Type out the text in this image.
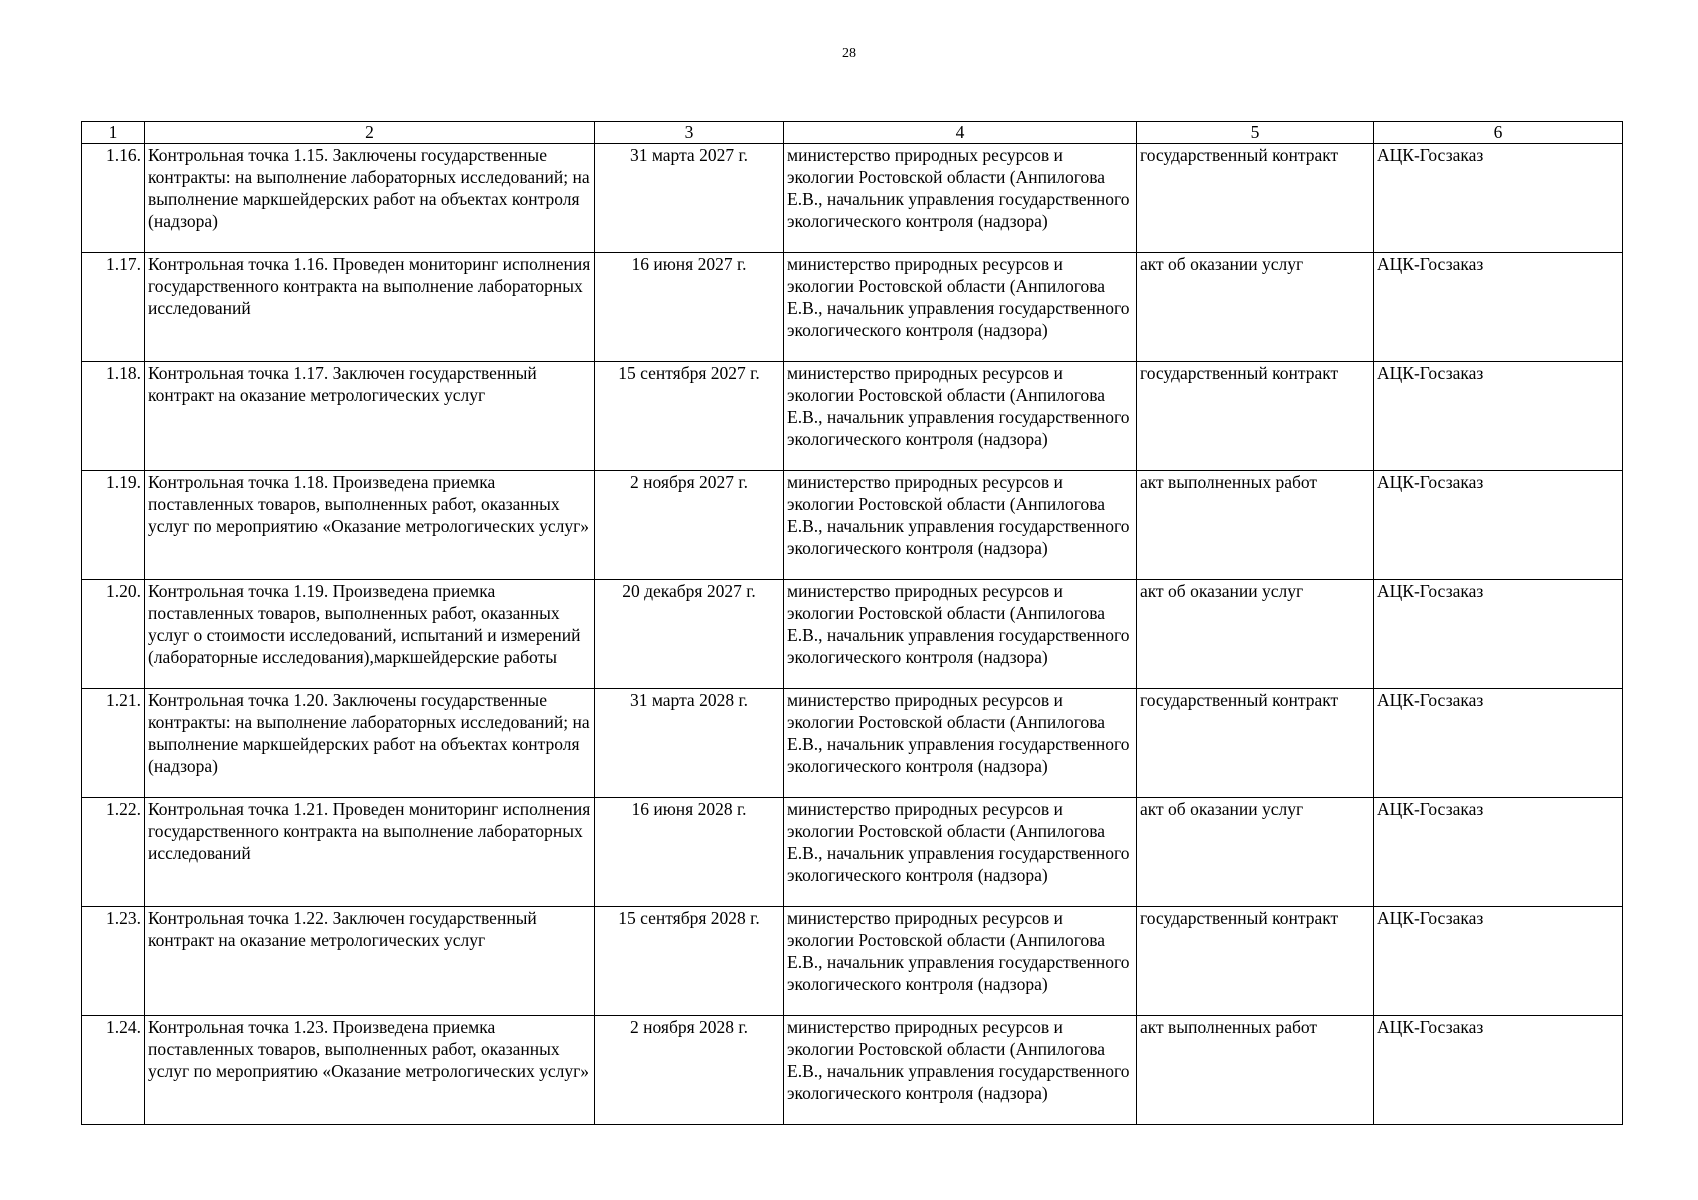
28
1	2	3	4	5	6
1.16.	Контрольная точка 1.15. Заключены государственные контракты: на выполнение лабораторных исследований; на выполнение маркшейдерских работ на объектах контроля (надзора)	31 марта 2027 г.	министерство природных ресурсов и экологии Ростовской области (Анпилогова Е.В., начальник управления государственного экологического контроля (надзора)	государственный контракт	АЦК-Госзаказ
1.17.	Контрольная точка 1.16. Проведен мониторинг исполнения государственного контракта на выполнение лабораторных исследований	16 июня 2027 г.	министерство природных ресурсов и экологии Ростовской области (Анпилогова Е.В., начальник управления государственного экологического контроля (надзора)	акт об оказании услуг	АЦК-Госзаказ
1.18.	Контрольная точка 1.17. Заключен государственный контракт на оказание метрологических услуг	15 сентября 2027 г.	министерство природных ресурсов и экологии Ростовской области (Анпилогова Е.В., начальник управления государственного экологического контроля (надзора)	государственный контракт	АЦК-Госзаказ
1.19.	Контрольная точка 1.18. Произведена приемка поставленных товаров, выполненных работ, оказанных услуг по мероприятию «Оказание метрологических услуг»	2 ноября 2027 г.	министерство природных ресурсов и экологии Ростовской области (Анпилогова Е.В., начальник управления государственного экологического контроля (надзора)	акт выполненных работ	АЦК-Госзаказ
1.20.	Контрольная точка 1.19. Произведена приемка поставленных товаров, выполненных работ, оказанных услуг о стоимости исследований, испытаний и измерений (лабораторные исследования),маркшейдерские работы	20 декабря 2027 г.	министерство природных ресурсов и экологии Ростовской области (Анпилогова Е.В., начальник управления государственного экологического контроля (надзора)	акт об оказании услуг	АЦК-Госзаказ
1.21.	Контрольная точка 1.20. Заключены государственные контракты: на выполнение лабораторных исследований; на выполнение маркшейдерских работ на объектах контроля (надзора)	31 марта 2028 г.	министерство природных ресурсов и экологии Ростовской области (Анпилогова Е.В., начальник управления государственного экологического контроля (надзора)	государственный контракт	АЦК-Госзаказ
1.22.	Контрольная точка 1.21. Проведен мониторинг исполнения государственного контракта на выполнение лабораторных исследований	16 июня 2028 г.	министерство природных ресурсов и экологии Ростовской области (Анпилогова Е.В., начальник управления государственного экологического контроля (надзора)	акт об оказании услуг	АЦК-Госзаказ
1.23.	Контрольная точка 1.22. Заключен государственный контракт на оказание метрологических услуг	15 сентября 2028 г.	министерство природных ресурсов и экологии Ростовской области (Анпилогова Е.В., начальник управления государственного экологического контроля (надзора)	государственный контракт	АЦК-Госзаказ
1.24.	Контрольная точка 1.23. Произведена приемка поставленных товаров, выполненных работ, оказанных услуг по мероприятию «Оказание метрологических услуг»	2 ноября 2028 г.	министерство природных ресурсов и экологии Ростовской области (Анпилогова Е.В., начальник управления государственного экологического контроля (надзора)	акт выполненных работ	АЦК-Госзаказ
